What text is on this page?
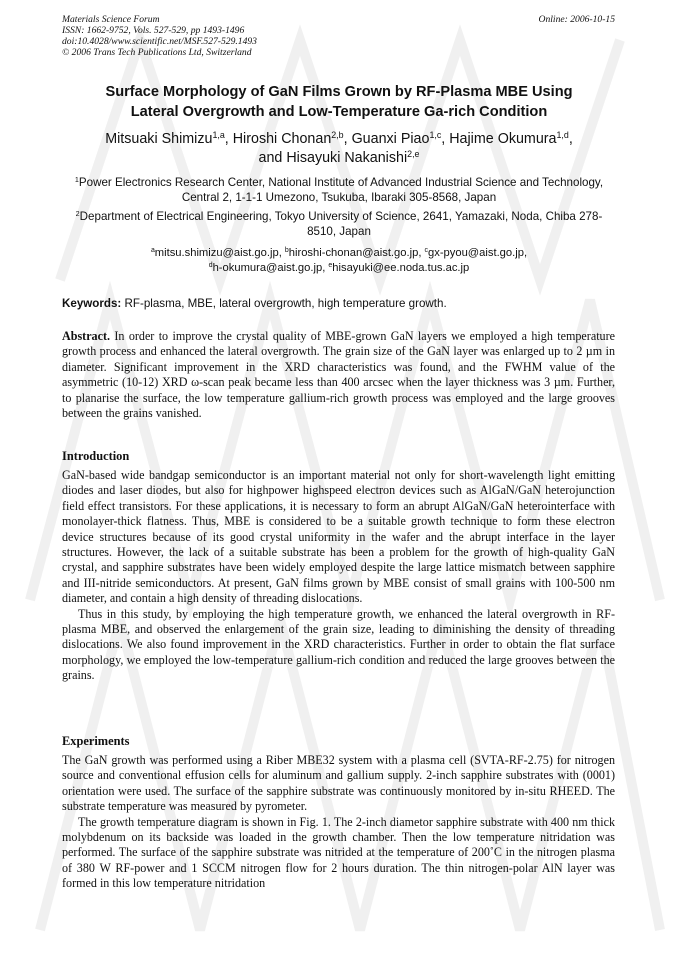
Materials Science Forum
ISSN: 1662-9752, Vols. 527-529, pp 1493-1496
doi:10.4028/www.scientific.net/MSF.527-529.1493
© 2006 Trans Tech Publications Ltd, Switzerland
Online: 2006-10-15
Surface Morphology of GaN Films Grown by RF-Plasma MBE Using
Lateral Overgrowth and Low-Temperature Ga-rich Condition
Mitsuaki Shimizu$^{1,a}$, Hiroshi Chonan$^{2,b}$, Guanxi Piao$^{1,c}$, Hajime Okumura$^{1,d}$,
and Hisayuki Nakanishi$^{2,e}$
$^1$Power Electronics Research Center, National Institute of Advanced Industrial Science and Technology, Central 2, 1-1-1 Umezono, Tsukuba, Ibaraki 305-8568, Japan
$^2$Department of Electrical Engineering, Tokyo University of Science, 2641, Yamazaki, Noda, Chiba 278-8510, Japan
$^a$mitsu.shimizu@aist.go.jp, $^b$hiroshi-chonan@aist.go.jp, $^c$gx-pyou@aist.go.jp,
$^d$h-okumura@aist.go.jp, $^e$hisayuki@ee.noda.tus.ac.jp
Keywords: RF-plasma, MBE, lateral overgrowth, high temperature growth.
Abstract. In order to improve the crystal quality of MBE-grown GaN layers we employed a high temperature growth process and enhanced the lateral overgrowth. The grain size of the GaN layer was enlarged up to 2 µm in diameter. Significant improvement in the XRD characteristics was found, and the FWHM value of the asymmetric (10-12) XRD ω-scan peak became less than 400 arcsec when the layer thickness was 3 µm. Further, to planarise the surface, the low temperature gallium-rich growth process was employed and the large grooves between the grains vanished.
Introduction

GaN-based wide bandgap semiconductor is an important material not only for short-wavelength light emitting diodes and laser diodes, but also for highpower highspeed electron devices such as AlGaN/GaN heterojunction field effect transistors. For these applications, it is necessary to form an abrupt AlGaN/GaN heterointerface with monolayer-thick flatness. Thus, MBE is considered to be a suitable growth technique to form these electron device structures because of its good crystal uniformity in the wafer and the abrupt interface in the layer structures. However, the lack of a suitable substrate has been a problem for the growth of high-quality GaN crystal, and sapphire substrates have been widely employed despite the large lattice mismatch between sapphire and III-nitride semiconductors. At present, GaN films grown by MBE consist of small grains with 100-500 nm diameter, and contain a high density of threading dislocations.

Thus in this study, by employing the high temperature growth, we enhanced the lateral overgrowth in RF-plasma MBE, and observed the enlargement of the grain size, leading to diminishing the density of threading dislocations. We also found improvement in the XRD characteristics. Further in order to obtain the flat surface morphology, we employed the low-temperature gallium-rich condition and reduced the large grooves between the grains.

Experiments

The GaN growth was performed using a Riber MBE32 system with a plasma cell (SVTA-RF-2.75) for nitrogen source and conventional effusion cells for aluminum and gallium supply. 2-inch sapphire substrates with (0001) orientation were used. The surface of the sapphire substrate was continuously monitored by in-situ RHEED. The substrate temperature was measured by pyrometer.

The growth temperature diagram is shown in Fig. 1. The 2-inch diametor sapphire substrate with 400 nm thick molybdenum on its backside was loaded in the growth chamber. Then the low temperature nitridation was performed. The surface of the sapphire substrate was nitrided at the temperature of 200˚C in the nitrogen plasma of 380 W RF-power and 1 SCCM nitrogen flow for 2 hours duration. The thin nitrogen-polar AlN layer was formed in this low temperature nitridation
